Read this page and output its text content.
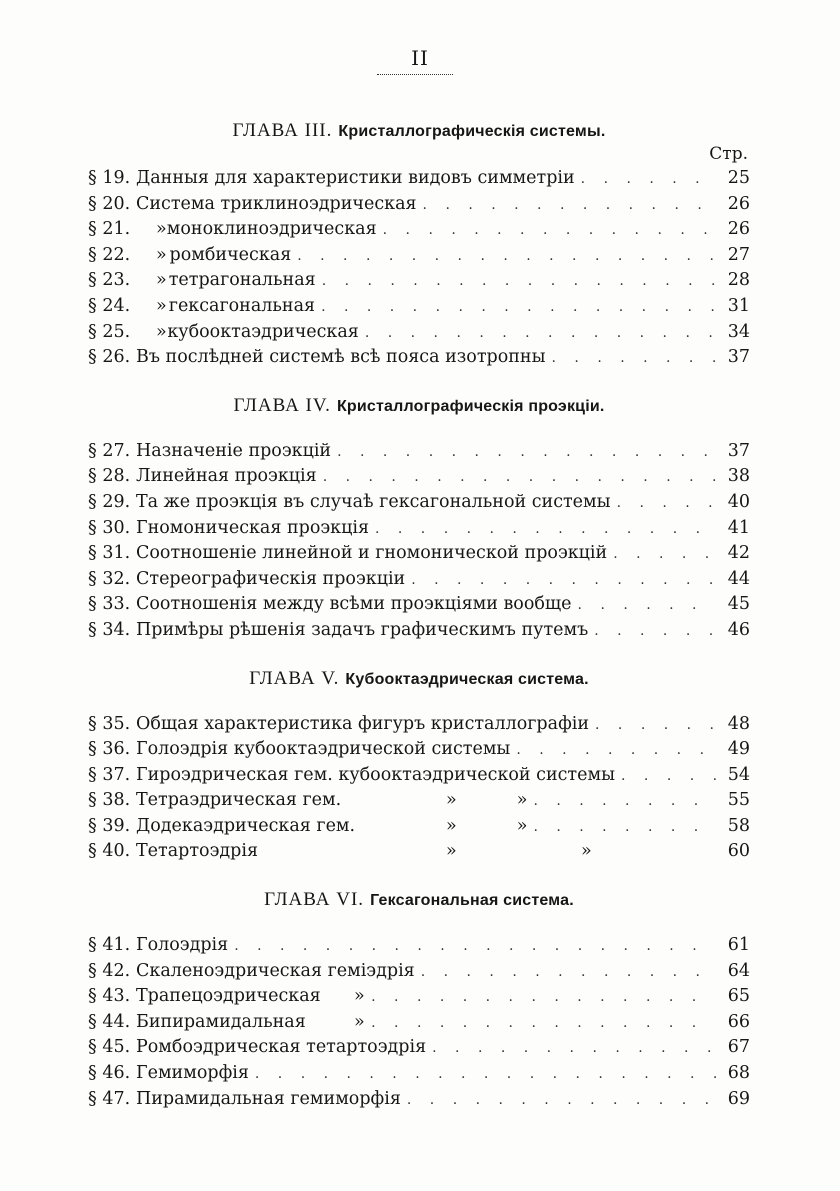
II
ГЛАВА III. Кристаллографическія системы.
Стр.
§ 19. Данныя для характеристики видовъ симметріи . . .	25
§ 20. Система триклиноэдрическая . . .	26
§ 21.	» моноклиноэдрическая . . .	26
§ 22.	» ромбическая . . .	27
§ 23.	» тетрагональная . . .	28
§ 24.	» гексагональная . . .	31
§ 25.	» кубооктаэдрическая . . .	34
§ 26. Въ послѣдней системѣ всѣ пояса изотропны . . .	37
ГЛАВА IV. Кристаллографическія проэкціи.
§ 27. Назначеніе проэкцій . . .	37
§ 28. Линейная проэкція . . .	38
§ 29. Та же проэкція въ случаѣ гексагональной системы . . .	40
§ 30. Гномоническая проэкція . . .	41
§ 31. Соотношеніе линейной и гномонической проэкцій . . .	42
§ 32. Стереографическія проэкціи . . .	44
§ 33. Соотношенія между всѣми проэкціями вообще . . .	45
§ 34. Примѣры рѣшенія задачъ графическимъ путемъ . . .	46
ГЛАВА V. Кубооктаэдрическая система.
§ 35. Общая характеристика фигуръ кристаллографіи . . .	48
§ 36. Голоэдрія кубооктаэдрической системы . . .	49
§ 37. Гироэдрическая гем. кубооктаэдрической системы . . .	54
§ 38. Тетраэдрическая гем.	»	» . . .	55
§ 39. Додекаэдрическая гем.	»	» . . .	58
§ 40. Тетартоэдрія	»	»	60
ГЛАВА VI. Гексагональная система.
§ 41. Голоэдрія . . .	61
§ 42. Скаленоэдрическая гемiэдрія . . .	64
§ 43. Трапецоэдрическая	» . . .	65
§ 44. Бипирамидальная	» . . .	66
§ 45. Ромбоэдрическая тетартоэдрія . . .	67
§ 46. Гемиморфія . . .	68
§ 47. Пирамидальная гемиморфія . . .	69
